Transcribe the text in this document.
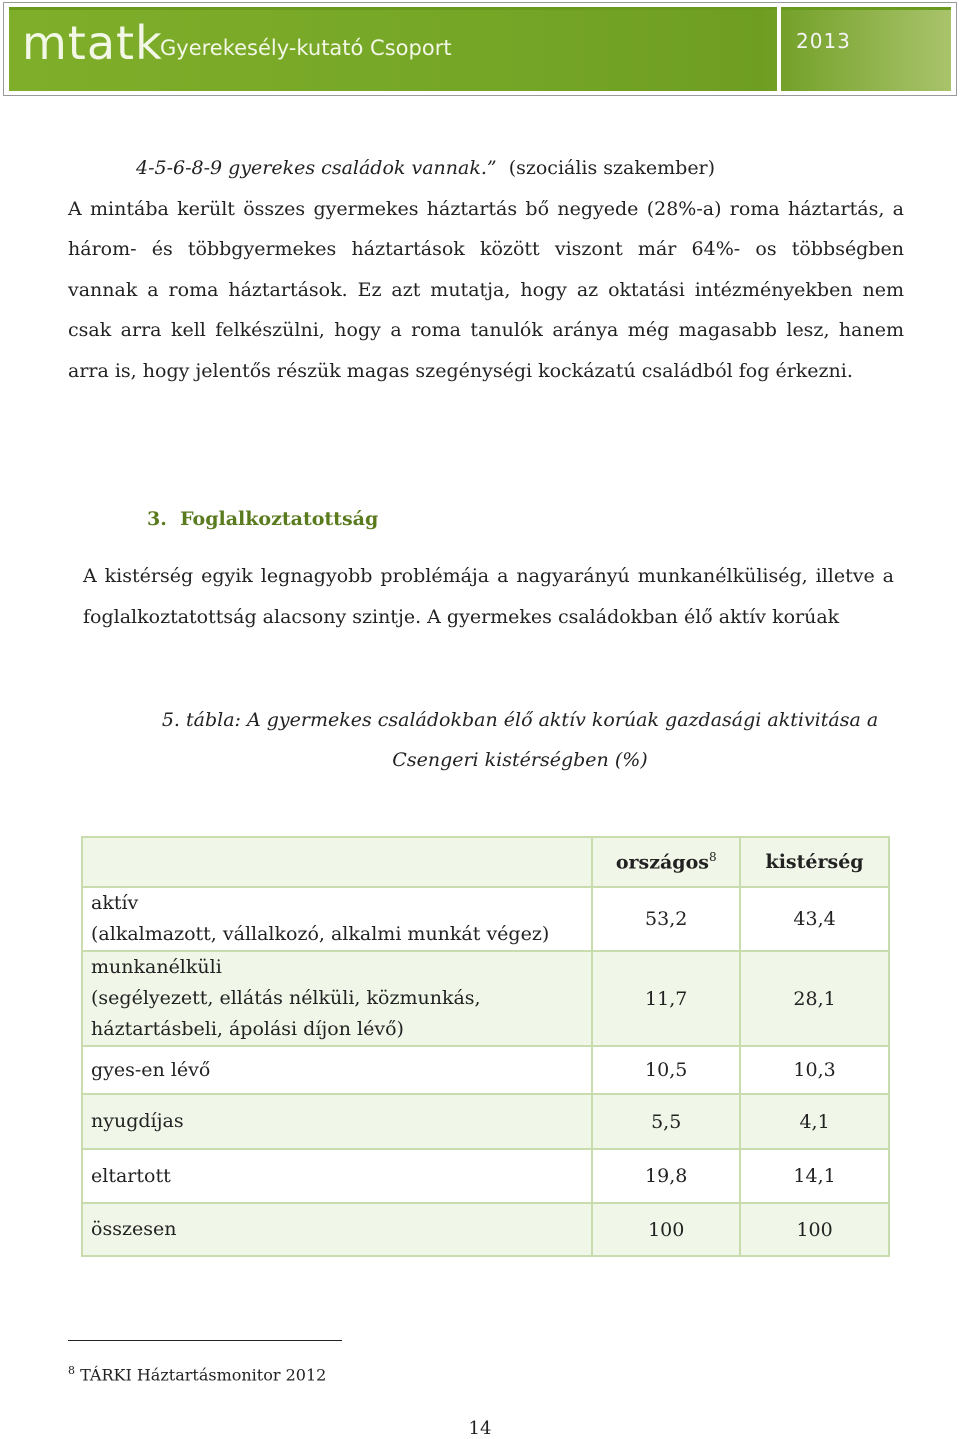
mtatk
Gyerekesély-kutató Csoport	2013
4-5-6-8-9 gyerekes családok vannak.” (szociális szakember)
A mintába került összes gyermekes háztartás bő negyede (28%-a) roma háztartás, a
három- és többgyermekes háztartások között viszont már 64%- os többségben
vannak a roma háztartások. Ez azt mutatja, hogy az oktatási intézményekben nem
csak arra kell felkészülni, hogy a roma tanulók aránya még magasabb lesz, hanem
arra is, hogy jelentős részük magas szegénységi kockázatú családból fog érkezni.
3. Foglalkoztatottság
A kistérség egyik legnagyobb problémája a nagyarányú munkanélküliség, illetve a
foglalkoztatottság alacsony szintje. A gyermekes családokban élő aktív korúak
5. tábla: A gyermekes családokban élő aktív korúak gazdasági aktivitása a
Csengeri kistérségben (%)
	országos$^8$	kistérség

aktív
(alkalmazott, vállalkozó, alkalmi munkát végez)	53,2	43,4

munkanélküli
(segélyezett, ellátás nélküli, közmunkás,
háztartásbeli, ápolási díjon lévő)	11,7	28,1
gyes-en lévő	10,5	10,3
nyugdíjas	5,5	4,1
eltartott	19,8	14,1
összesen	100	100
$^8$ TÁRKI Háztartásmonitor 2012
14
